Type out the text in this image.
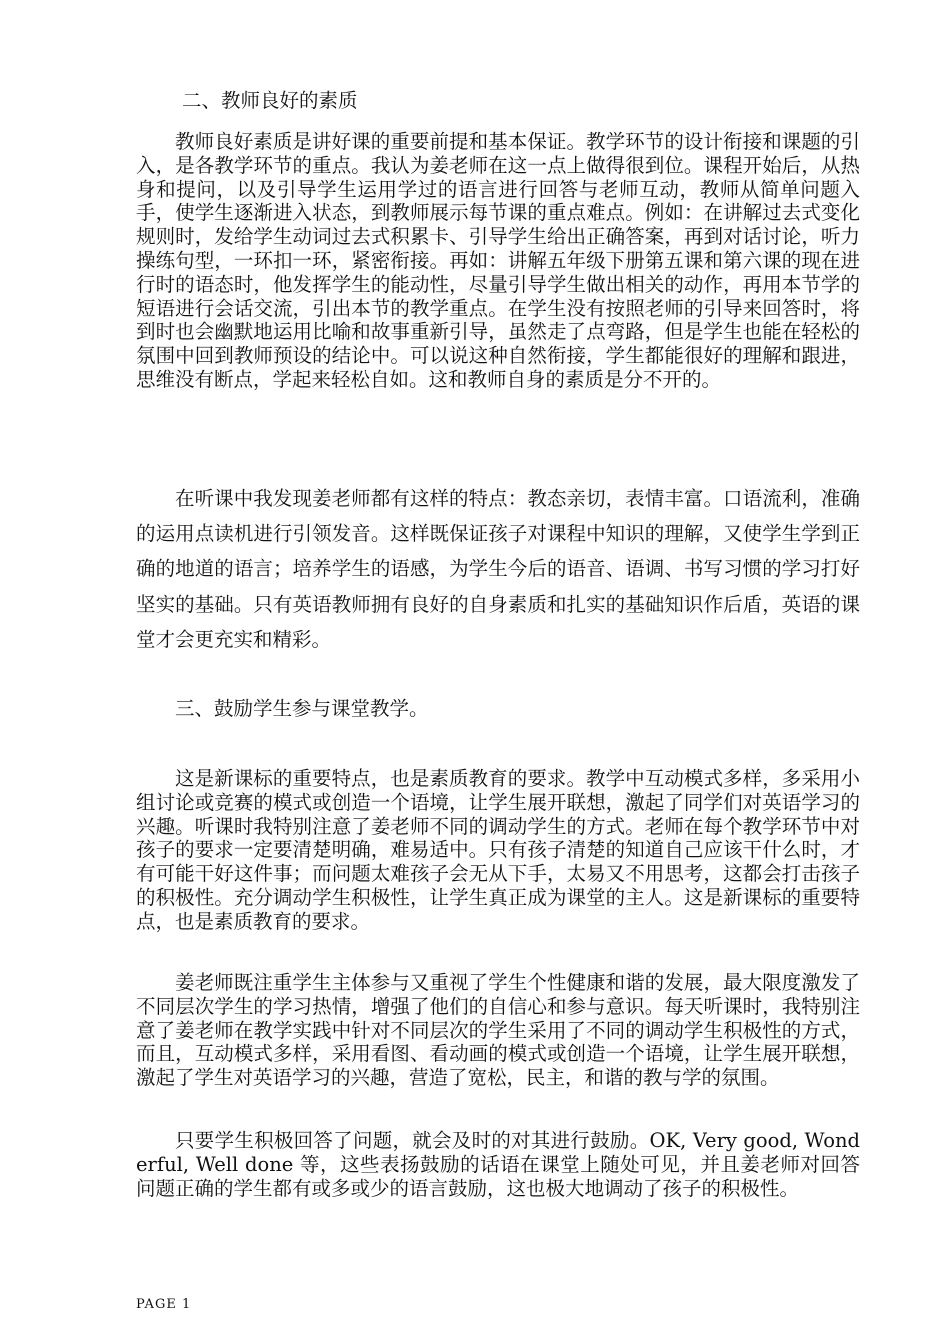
二、教师良好的素质

教师良好素质是讲好课的重要前提和基本保证。教学环节的设计衔接和课题的引入，是各教学环节的重点。我认为姜老师在这一点上做得很到位。课程开始后，从热身和提问，以及引导学生运用学过的语言进行回答与老师互动，教师从简单问题入手，使学生逐渐进入状态，到教师展示每节课的重点难点。例如：在讲解过去式变化规则时，发给学生动词过去式积累卡、引导学生给出正确答案，再到对话讨论，听力操练句型，一环扣一环，紧密衔接。再如：讲解五年级下册第五课和第六课的现在进行时的语态时，他发挥学生的能动性，尽量引导学生做出相关的动作，再用本节学的短语进行会话交流，引出本节的教学重点。在学生没有按照老师的引导来回答时，将到时也会幽默地运用比喻和故事重新引导，虽然走了点弯路，但是学生也能在轻松的氛围中回到教师预设的结论中。可以说这种自然衔接，学生都能很好的理解和跟进，思维没有断点，学起来轻松自如。这和教师自身的素质是分不开的。

在听课中我发现姜老师都有这样的特点：教态亲切，表情丰富。口语流利，准确的运用点读机进行引领发音。这样既保证孩子对课程中知识的理解，又使学生学到正确的地道的语言；培养学生的语感，为学生今后的语音、语调、书写习惯的学习打好坚实的基础。只有英语教师拥有良好的自身素质和扎实的基础知识作后盾，英语的课堂才会更充实和精彩。

三、鼓励学生参与课堂教学。

这是新课标的重要特点，也是素质教育的要求。教学中互动模式多样，多采用小组讨论或竞赛的模式或创造一个语境，让学生展开联想，激起了同学们对英语学习的兴趣。听课时我特别注意了姜老师不同的调动学生的方式。老师在每个教学环节中对孩子的要求一定要清楚明确，难易适中。只有孩子清楚的知道自己应该干什么时，才有可能干好这件事；而问题太难孩子会无从下手，太易又不用思考，这都会打击孩子的积极性。充分调动学生积极性，让学生真正成为课堂的主人。这是新课标的重要特点，也是素质教育的要求。

姜老师既注重学生主体参与又重视了学生个性健康和谐的发展，最大限度激发了不同层次学生的学习热情，增强了他们的自信心和参与意识。每天听课时，我特别注意了姜老师在教学实践中针对不同层次的学生采用了不同的调动学生积极性的方式，而且，互动模式多样，采用看图、看动画的模式或创造一个语境，让学生展开联想，激起了学生对英语学习的兴趣，营造了宽松，民主，和谐的教与学的氛围。

只要学生积极回答了问题，就会及时的对其进行鼓励。OK, Very good, Wonderful, Well done 等，这些表扬鼓励的话语在课堂上随处可见，并且姜老师对回答问题正确的学生都有或多或少的语言鼓励，这也极大地调动了孩子的积极性。

PAGE 1
